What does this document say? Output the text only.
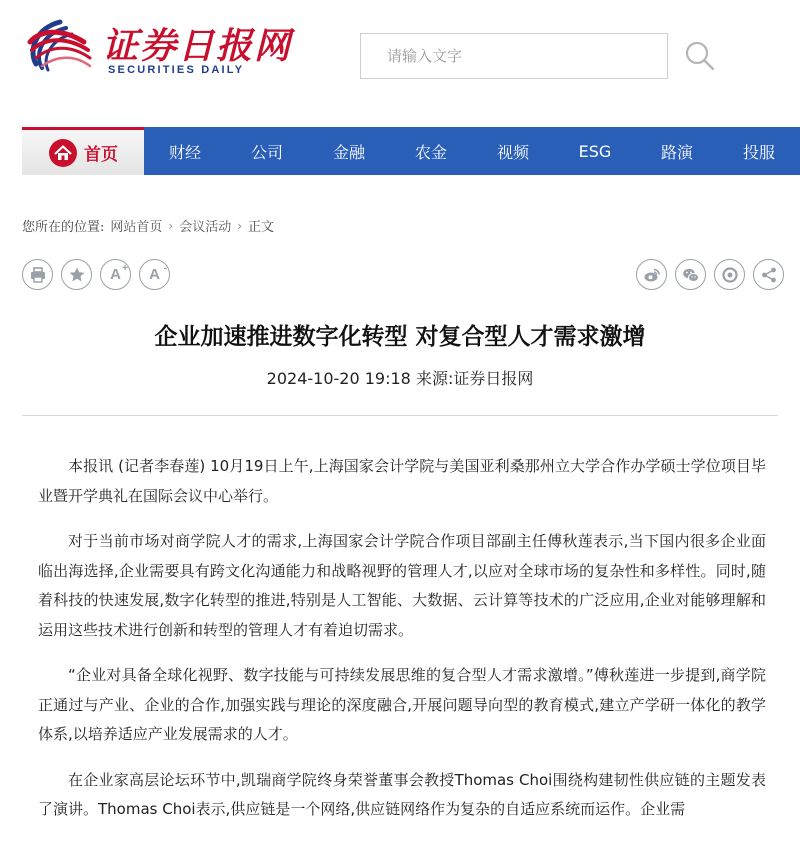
证券日报网
SECURITIES DAILY
请输入文字
首页	财经	公司	金融	农金	视频	ESG	路演	投服
您所在的位置: 网站首页 › 会议活动 › 正文
A + A -
企业加速推进数字化转型 对复合型人才需求激增
2024-10-20 19:18 来源:证券日报网

本报讯 (记者李春莲) 10月19日上午,上海国家会计学院与美国亚利桑那州立大学合作办学硕士学位项目毕业暨开学典礼在国际会议中心举行。

对于当前市场对商学院人才的需求,上海国家会计学院合作项目部副主任傅秋莲表示,当下国内很多企业面临出海选择,企业需要具有跨文化沟通能力和战略视野的管理人才,以应对全球市场的复杂性和多样性。同时,随着科技的快速发展,数字化转型的推进,特别是人工智能、大数据、云计算等技术的广泛应用,企业对能够理解和运用这些技术进行创新和转型的管理人才有着迫切需求。

“企业对具备全球化视野、数字技能与可持续发展思维的复合型人才需求激增。”傅秋莲进一步提到,商学院正通过与产业、企业的合作,加强实践与理论的深度融合,开展问题导向型的教育模式,建立产学研一体化的教学体系,以培养适应产业发展需求的人才。

在企业家高层论坛环节中,凯瑞商学院终身荣誉董事会教授Thomas Choi围绕构建韧性供应链的主题发表了演讲。Thomas Choi表示,供应链是一个网络,供应链网络作为复杂的自适应系统而运作。企业需
